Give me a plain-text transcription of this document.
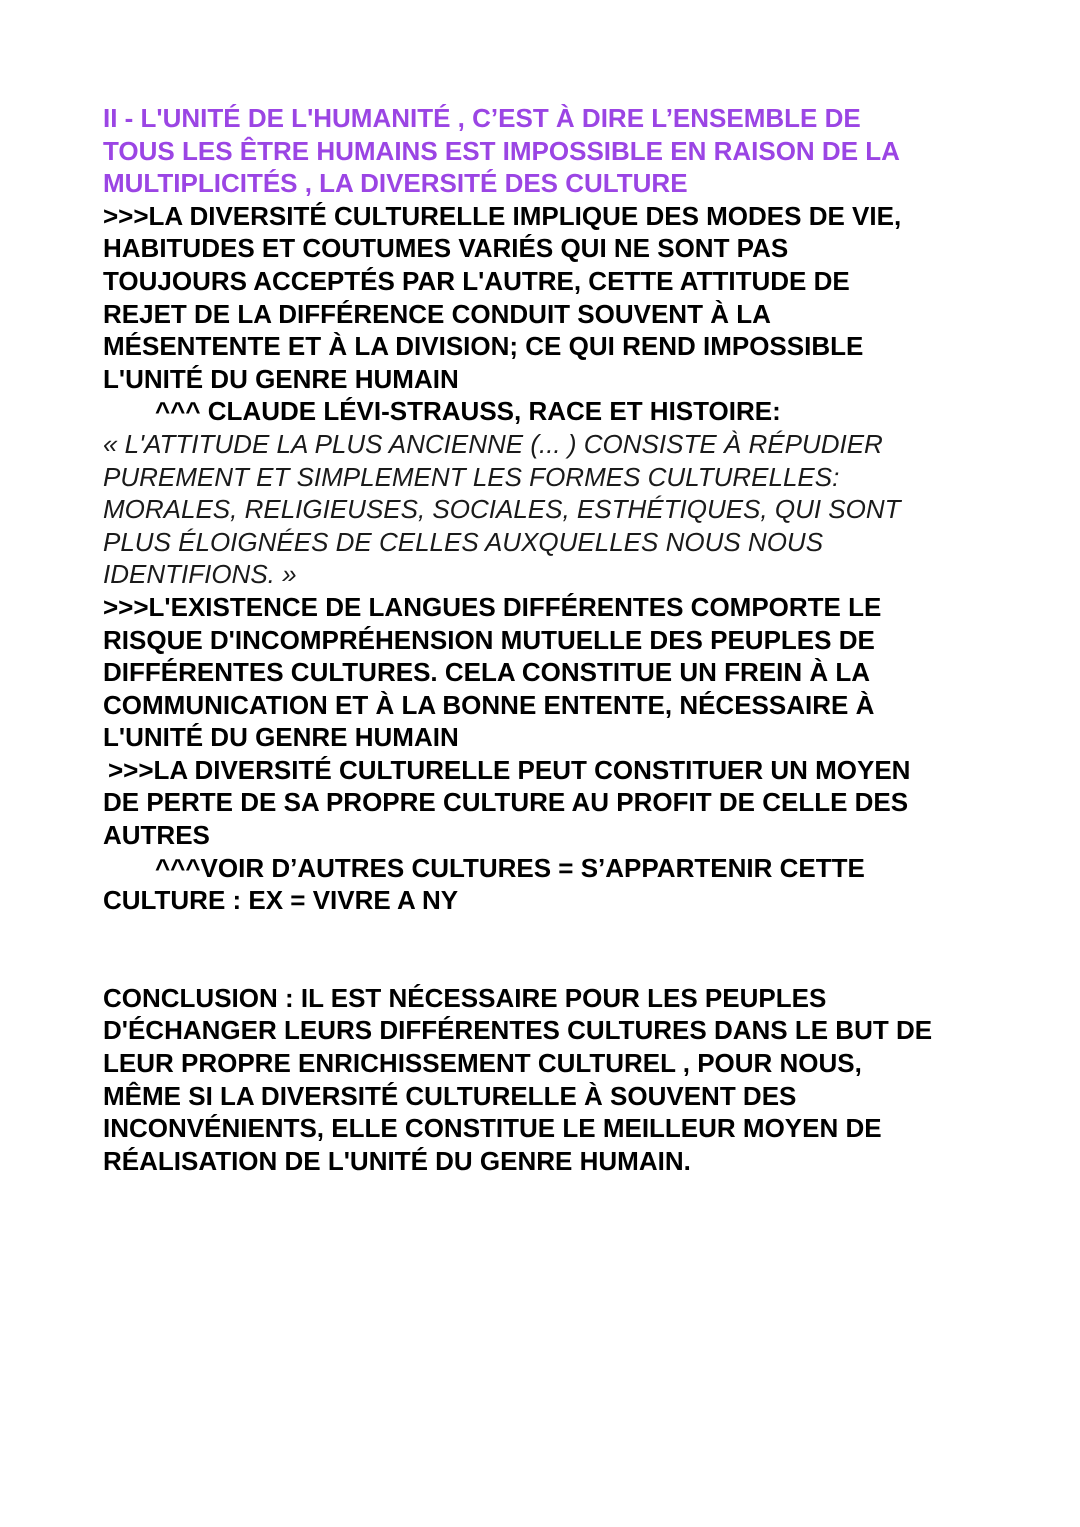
II - L'UNITÉ DE L'HUMANITÉ , C’EST À DIRE L’ENSEMBLE DE
TOUS LES ÊTRE HUMAINS EST IMPOSSIBLE EN RAISON DE LA
MULTIPLICITÉS , LA DIVERSITÉ DES CULTURE
>>>LA DIVERSITÉ CULTURELLE IMPLIQUE DES MODES DE VIE,
HABITUDES ET COUTUMES VARIÉS QUI NE SONT PAS
TOUJOURS ACCEPTÉS PAR L'AUTRE, CETTE ATTITUDE DE
REJET DE LA DIFFÉRENCE CONDUIT SOUVENT À LA
MÉSENTENTE ET À LA DIVISION; CE QUI REND IMPOSSIBLE
L'UNITÉ DU GENRE HUMAIN
^^^ CLAUDE LÉVI-STRAUSS, RACE ET HISTOIRE:
« L'ATTITUDE LA PLUS ANCIENNE (... ) CONSISTE À RÉPUDIER
PUREMENT ET SIMPLEMENT LES FORMES CULTURELLES:
MORALES, RELIGIEUSES, SOCIALES, ESTHÉTIQUES, QUI SONT
PLUS ÉLOIGNÉES DE CELLES AUXQUELLES NOUS NOUS
IDENTIFIONS. »
>>>L'EXISTENCE DE LANGUES DIFFÉRENTES COMPORTE LE
RISQUE D'INCOMPRÉHENSION MUTUELLE DES PEUPLES DE
DIFFÉRENTES CULTURES. CELA CONSTITUE UN FREIN À LA
COMMUNICATION ET À LA BONNE ENTENTE, NÉCESSAIRE À
L'UNITÉ DU GENRE HUMAIN
>>>LA DIVERSITÉ CULTURELLE PEUT CONSTITUER UN MOYEN
DE PERTE DE SA PROPRE CULTURE AU PROFIT DE CELLE DES
AUTRES
^^^VOIR D’AUTRES CULTURES = S’APPARTENIR CETTE
CULTURE : EX = VIVRE A NY
CONCLUSION : IL EST NÉCESSAIRE POUR LES PEUPLES
D'ÉCHANGER LEURS DIFFÉRENTES CULTURES DANS LE BUT DE
LEUR PROPRE ENRICHISSEMENT CULTUREL , POUR NOUS,
MÊME SI LA DIVERSITÉ CULTURELLE À SOUVENT DES
INCONVÉNIENTS, ELLE CONSTITUE LE MEILLEUR MOYEN DE
RÉALISATION DE L'UNITÉ DU GENRE HUMAIN.
